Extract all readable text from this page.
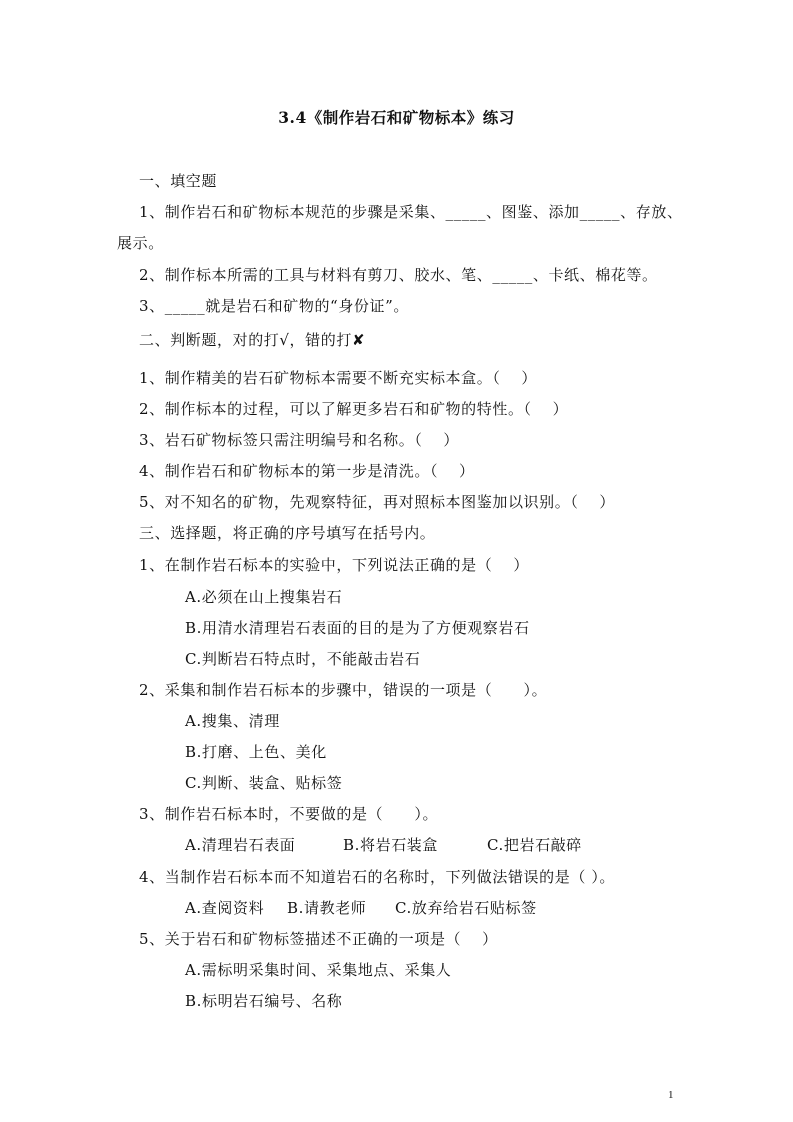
3.4《制作岩石和矿物标本》练习
一、填空题
1、制作岩石和矿物标本规范的步骤是采集、_____、图鉴、添加_____、存放、
展示。
2、制作标本所需的工具与材料有剪刀、胶水、笔、_____、卡纸、棉花等。
3、_____就是岩石和矿物的“身份证”。
二、判断题，对的打√，错的打✘
1、制作精美的岩石矿物标本需要不断充实标本盒。（　 ）
2、制作标本的过程，可以了解更多岩石和矿物的特性。（　 ）
3、岩石矿物标签只需注明编号和名称。（　 ）
4、制作岩石和矿物标本的第一步是清洗。（　 ）
5、对不知名的矿物，先观察特征，再对照标本图鉴加以识别。（　 ）
三、选择题，将正确的序号填写在括号内。
1、在制作岩石标本的实验中，下列说法正确的是（　 ）
A.必须在山上搜集岩石
B.用清水清理岩石表面的目的是为了方便观察岩石
C.判断岩石特点时，不能敲击岩石
2、采集和制作岩石标本的步骤中，错误的一项是（　　）。
A.搜集、清理
B.打磨、上色、美化
C.判断、装盒、贴标签
3、制作岩石标本时，不要做的是（　　）。
A.清理岩石表面	B.将岩石装盒	C.把岩石敲碎
4、当制作岩石标本而不知道岩石的名称时，下列做法错误的是（ ）。
A.查阅资料	B.请教老师	C.放弃给岩石贴标签
5、关于岩石和矿物标签描述不正确的一项是（　 ）
A.需标明采集时间、采集地点、采集人
B.标明岩石编号、名称
1
